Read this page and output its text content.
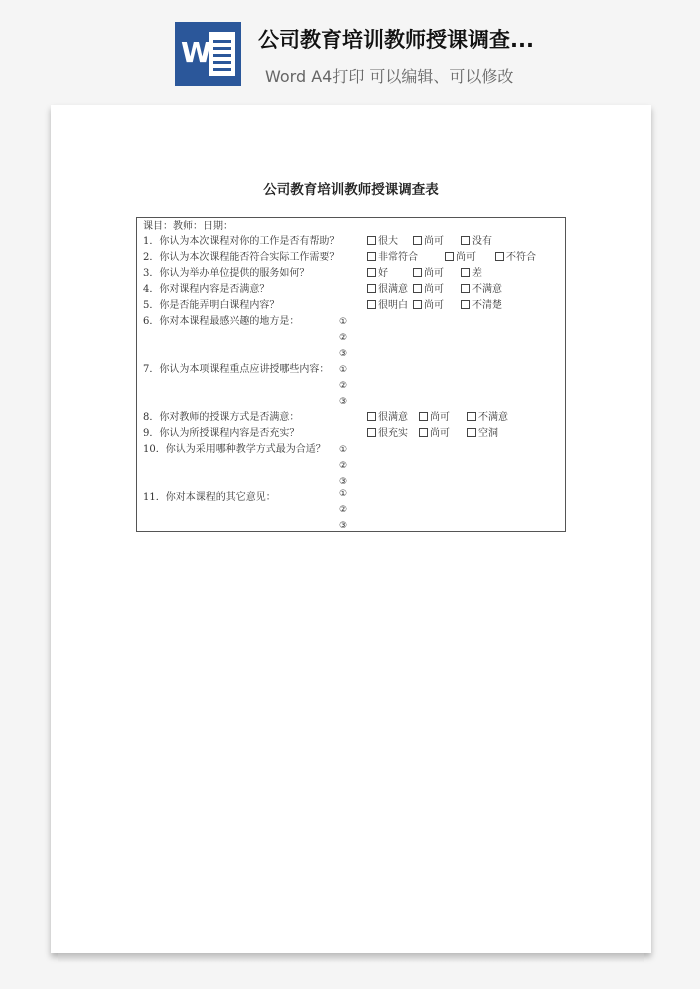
W 公司教育培训教师授课调查...
Word A4打印 可以编辑、可以修改
公司教育培训教师授课调查表
课目：教师：日期：
1．你认为本次课程对你的工作是否有帮助？	很大	尚可	没有
2．你认为本次课程能否符合实际工作需要？	非常符合	尚可	不符合
3．你认为举办单位提供的服务如何？	好	尚可	差
4．你对课程内容是否满意？	很满意	尚可	不满意
5．你是否能弄明白课程内容？	很明白	尚可	不清楚
6．你对本课程最感兴趣的地方是：	①
②
③
7．你认为本项课程重点应讲授哪些内容： ①
②
③
8．你对教师的授课方式是否满意：	很满意	尚可	不满意
9．你认为所授课程内容是否充实？	很充实	尚可	空洞
10．你认为采用哪种教学方式最为合适？ ①
②
③
11．你对本课程的其它意见：	①
②
③
